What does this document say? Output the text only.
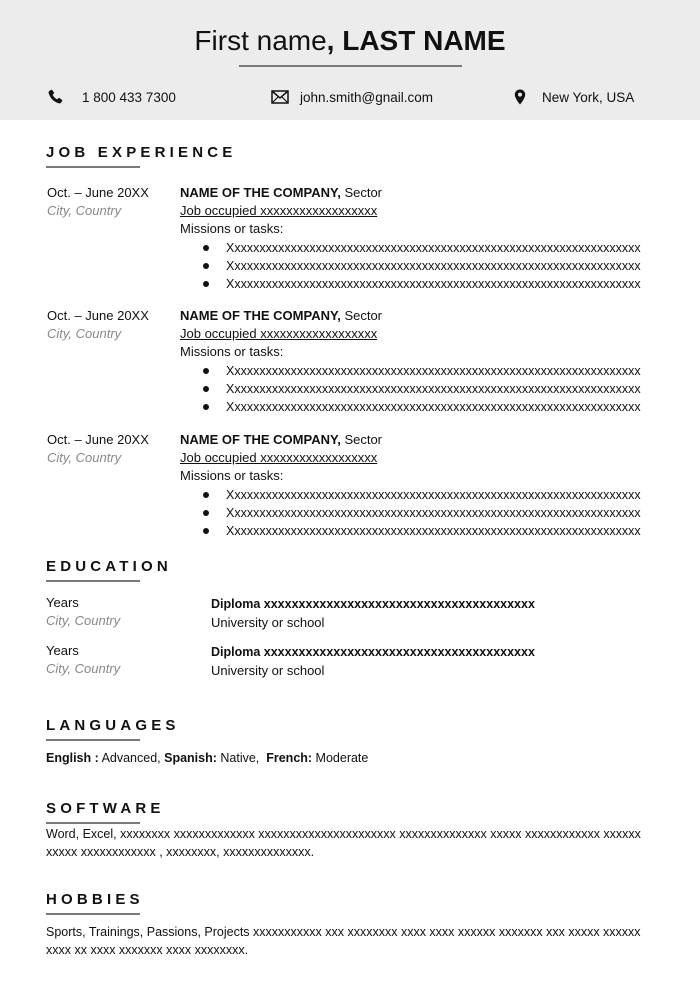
First name, LAST NAME
1 800 433 7300	john.smith@gnail.com	New York, USA
JOB EXPERIENCE
Oct. – June 20XX
City, Country
NAME OF THE COMPANY, Sector
Job occupied xxxxxxxxxxxxxxxxxx
Missions or tasks:
Xxxxxxxxxxxxxxxxxxxxxxxxxxxxxxxxxxxxxxxxxxxxxxxxxxxxxxxxxxxxxxxxxx
Xxxxxxxxxxxxxxxxxxxxxxxxxxxxxxxxxxxxxxxxxxxxxxxxxxxxxxxxxxxxxxxxxx
Xxxxxxxxxxxxxxxxxxxxxxxxxxxxxxxxxxxxxxxxxxxxxxxxxxxxxxxxxxxxxxxxxx
Oct. – June 20XX
City, Country
NAME OF THE COMPANY, Sector
Job occupied xxxxxxxxxxxxxxxxxx
Missions or tasks:
Xxxxxxxxxxxxxxxxxxxxxxxxxxxxxxxxxxxxxxxxxxxxxxxxxxxxxxxxxxxxxxxxxx
Xxxxxxxxxxxxxxxxxxxxxxxxxxxxxxxxxxxxxxxxxxxxxxxxxxxxxxxxxxxxxxxxxx
Xxxxxxxxxxxxxxxxxxxxxxxxxxxxxxxxxxxxxxxxxxxxxxxxxxxxxxxxxxxxxxxxxx
Oct. – June 20XX
City, Country
NAME OF THE COMPANY, Sector
Job occupied xxxxxxxxxxxxxxxxxx
Missions or tasks:
Xxxxxxxxxxxxxxxxxxxxxxxxxxxxxxxxxxxxxxxxxxxxxxxxxxxxxxxxxxxxxxxxxx
Xxxxxxxxxxxxxxxxxxxxxxxxxxxxxxxxxxxxxxxxxxxxxxxxxxxxxxxxxxxxxxxxxx
Xxxxxxxxxxxxxxxxxxxxxxxxxxxxxxxxxxxxxxxxxxxxxxxxxxxxxxxxxxxxxxxxxx
EDUCATION
Years
City, Country
Diploma xxxxxxxxxxxxxxxxxxxxxxxxxxxxxxxxxxxxxxx
University or school
Years
City, Country
Diploma xxxxxxxxxxxxxxxxxxxxxxxxxxxxxxxxxxxxxxx
University or school
LANGUAGES
English : Advanced, Spanish: Native,  French: Moderate
SOFTWARE
Word, Excel, xxxxxxxx xxxxxxxxxxxxx xxxxxxxxxxxxxxxxxxxxxx xxxxxxxxxxxxxx xxxxx xxxxxxxxxxxx xxxxxx xxxxx xxxxxxxxxxxx , xxxxxxxx, xxxxxxxxxxxxxx.
HOBBIES
Sports, Trainings, Passions, Projects xxxxxxxxxxx xxx xxxxxxxx xxxx xxxx xxxxxx xxxxxxx xxx xxxxx xxxxxx xxxx xx xxxx xxxxxxx xxxx xxxxxxxx.
